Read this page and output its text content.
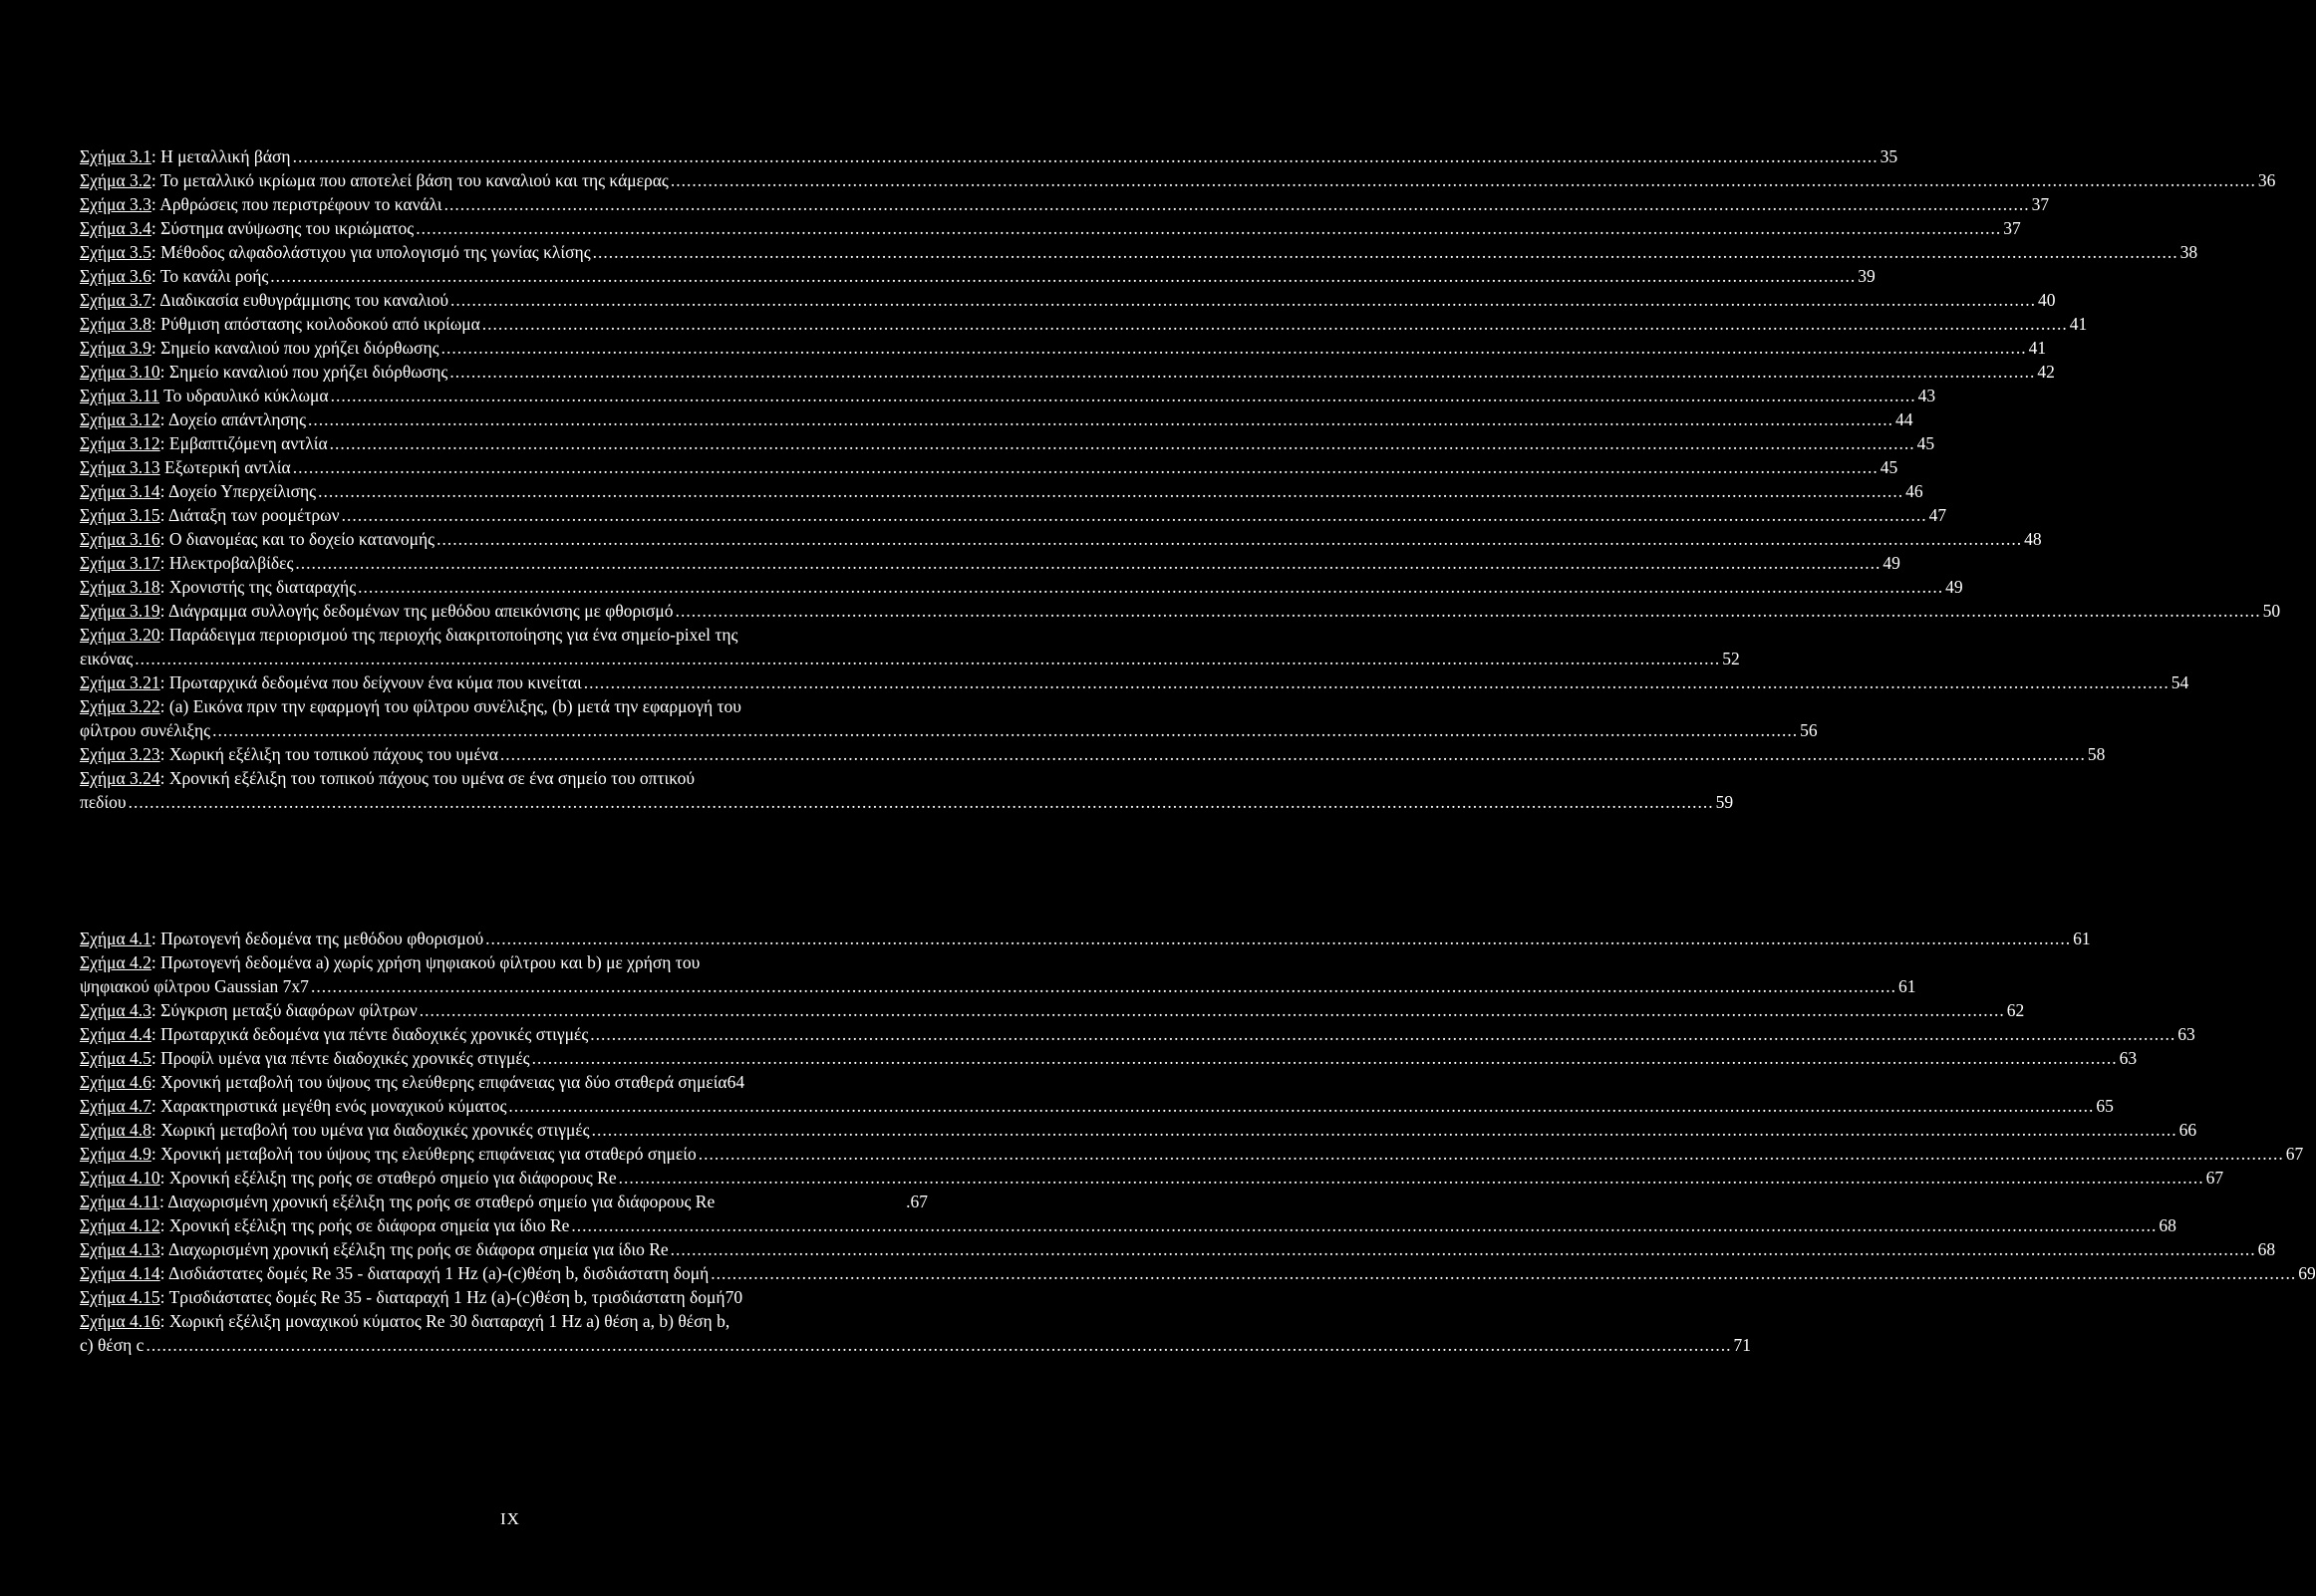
Σχήμα 3.1: Η μεταλλική βάση .....	35
Σχήμα 3.2: Το μεταλλικό ικρίωμα που αποτελεί βάση του καναλιού και της κάμερας .....	36
Σχήμα 3.3: Αρθρώσεις που περιστρέφουν το κανάλι .....	37
Σχήμα 3.4: Σύστημα ανύψωσης του ικριώματος .....	37
Σχήμα 3.5: Μέθοδος αλφαδολάστιχου για υπολογισμό της γωνίας κλίσης .....	38
Σχήμα 3.6: Το κανάλι ροής .....	39
Σχήμα 3.7: Διαδικασία ευθυγράμμισης του καναλιού .....	40
Σχήμα 3.8: Ρύθμιση απόστασης κοιλοδοκού από ικρίωμα .....	41
Σχήμα 3.9: Σημείο καναλιού που χρήζει διόρθωσης .....	41
Σχήμα 3.10: Σημείο καναλιού που χρήζει διόρθωσης .....	42
Σχήμα 3.11 Το υδραυλικό κύκλωμα .....	43
Σχήμα 3.12: Δοχείο απάντλησης .....	44
Σχήμα 3.12: Εμβαπτιζόμενη αντλία .....	45
Σχήμα 3.13 Εξωτερική αντλία .....	45
Σχήμα 3.14: Δοχείο Υπερχείλισης .....	46
Σχήμα 3.15: Διάταξη των ροομέτρων .....	47
Σχήμα 3.16: Ο διανομέας και το δοχείο κατανομής .....	48
Σχήμα 3.17: Ηλεκτροβαλβίδες .....	49
Σχήμα 3.18: Χρονιστής της διαταραχής .....	49
Σχήμα 3.19: Διάγραμμα συλλογής δεδομένων της μεθόδου απεικόνισης με φθορισμό .....	50
Σχήμα 3.20: Παράδειγμα περιορισμού της περιοχής διακριτοποίησης για ένα σημείο-pixel της
εικόνας .....	52
Σχήμα 3.21: Πρωταρχικά δεδομένα που δείχνουν ένα κύμα που κινείται .....	54
Σχήμα 3.22: (a) Εικόνα πριν την εφαρμογή του φίλτρου συνέλιξης, (b) μετά την εφαρμογή του
φίλτρου συνέλιξης .....	56
Σχήμα 3.23: Χωρική εξέλιξη του τοπικού πάχους του υμένα .....	58
Σχήμα 3.24: Χρονική εξέλιξη του τοπικού πάχους του υμένα σε ένα σημείο του οπτικού
πεδίου .....	59
Σχήμα 4.1: Πρωτογενή δεδομένα της μεθόδου φθορισμού .....	61
Σχήμα 4.2: Πρωτογενή δεδομένα a) χωρίς χρήση ψηφιακού φίλτρου και b) με χρήση του
ψηφιακού φίλτρου Gaussian 7x7 .....	61
Σχήμα 4.3: Σύγκριση μεταξύ διαφόρων φίλτρων .....	62
Σχήμα 4.4: Πρωταρχικά δεδομένα για πέντε διαδοχικές χρονικές στιγμές .....	63
Σχήμα 4.5: Προφίλ υμένα για πέντε διαδοχικές χρονικές στιγμές .....	63
Σχήμα 4.6: Χρονική μεταβολή του ύψους της ελεύθερης επιφάνειας για δύο σταθερά σημεία 64
Σχήμα 4.7: Χαρακτηριστικά μεγέθη ενός μοναχικού κύματος .....	65
Σχήμα 4.8: Χωρική μεταβολή του υμένα για διαδοχικές χρονικές στιγμές .....	66
Σχήμα 4.9: Χρονική μεταβολή του ύψους της ελεύθερης επιφάνειας για σταθερό σημείο .....	67
Σχήμα 4.10: Χρονική εξέλιξη της ροής σε σταθερό σημείο για διάφορους Re .....	67
Σχήμα 4.11: Διαχωρισμένη χρονική εξέλιξη της ροής σε σταθερό σημείο για διάφορους Re	. 67
Σχήμα 4.12: Χρονική εξέλιξη της ροής σε διάφορα σημεία για ίδιο Re .....	68
Σχήμα 4.13: Διαχωρισμένη χρονική εξέλιξη της ροής σε διάφορα σημεία για ίδιο Re .....	68
Σχήμα 4.14: Δισδιάστατες δομές Re 35 - διαταραχή 1 Hz (a)-(c)θέση b, δισδιάστατη δομή .....	69
Σχήμα 4.15: Τρισδιάστατες δομές Re 35 - διαταραχή 1 Hz (a)-(c)θέση b, τρισδιάστατη δομή 70
Σχήμα 4.16: Χωρική εξέλιξη μοναχικού κύματος Re 30 διαταραχή 1 Hz a) θέση a, b) θέση b,
c) θέση c .....	71
IX
